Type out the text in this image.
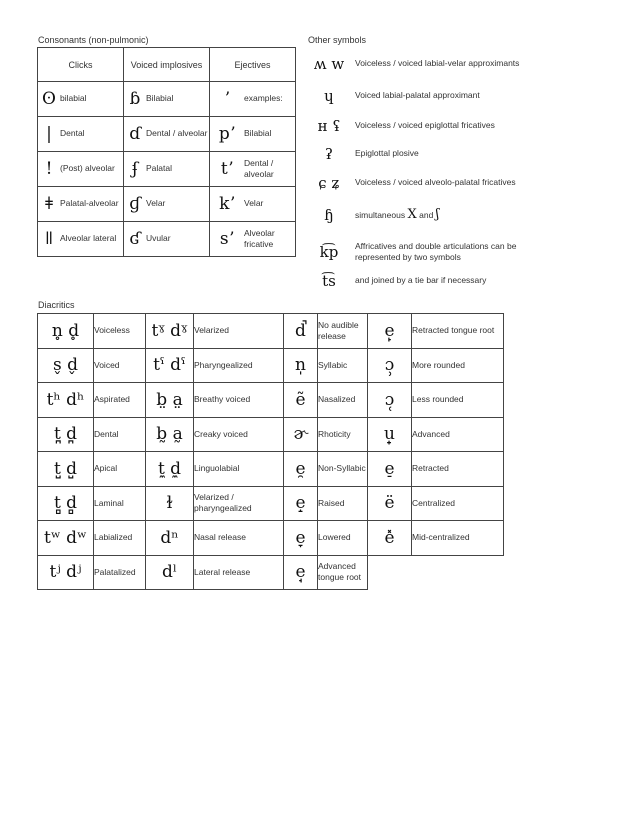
Consonants (non-pulmonic)
Clicks	Voiced implosives	Ejectives

ʘ bilabial	ɓ Bilabial	ʼ examples:

| Dental	ɗ Dental / alveolar	pʼ Bilabial

! (Post) alveolar	ʄ Palatal	tʼ Dental / alveolar

ǂ Palatal-alveolar	ɠ Velar	kʼ Velar

ǁ Alveolar lateral	ʛ Uvular	sʼ Alveolar fricative
Other symbols
ʍ w	Voiceless / voiced labial-velar approximants
ɥ	Voiced labial-palatal approximant
ʜ ʢ	Voiceless / voiced epiglottal fricatives
ʡ	Epiglottal plosive
ɕ ʑ	Voiceless / voiced alveolo-palatal fricatives
ɧ	simultaneous X and ʃ
k͡p	Affricatives and double articulations can be represented by two symbols
t͡s	and joined by a tie bar if necessary
Diacritics
n̥ d̥	Voiceless	tˠ dˠ	Velarized	d̚	No audible release	e̙	Retracted tongue root
s̬ d̬	Voiced	tˤ dˤ	Pharyngealized	n̩	Syllabic	ɔ̹	More rounded
tʰ dʰ	Aspirated	b̤ a̤	Breathy voiced	ẽ	Nasalized	ɔ̜	Less rounded
t̪ d̪	Dental	b̰ a̰	Creaky voiced	ɚ	Rhoticity	u̟	Advanced
t̺ d̺	Apical	t̼ d̼	Linguolabial	e̯	Non-Syllabic	e̠	Retracted
t̻ d̻	Laminal	ɫ	Velarized / pharyngealized	e̝	Raised	ë	Centralized
tʷ dʷ	Labialized	dⁿ	Nasal release	e̞	Lowered	e̽	Mid-centralized
tʲ dʲ	Palatalized	dˡ	Lateral release	e̘	Advanced tongue root		
